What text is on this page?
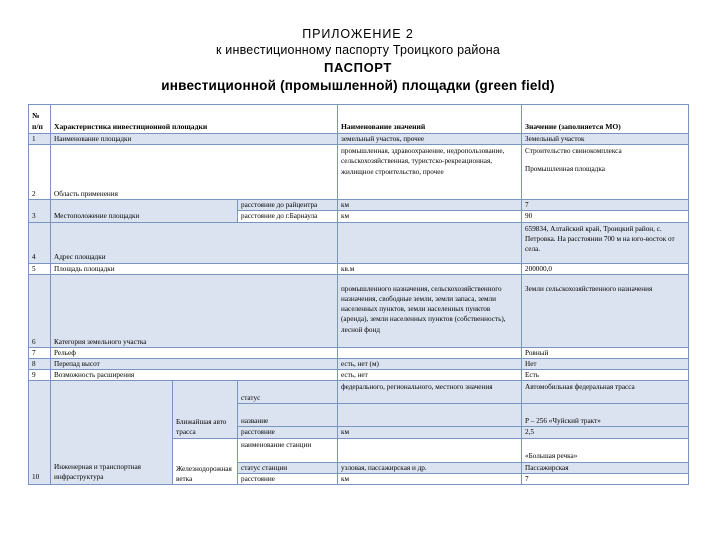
ПРИЛОЖЕНИЕ 2
к инвестиционному паспорту Троицкого района
ПАСПОРТ
инвестиционной (промышленной) площадки (green field)
№
п/п	Характеристика инвестиционной площадки			Наименование значений	Значение (заполняется МО)
1	Наименование площадки			земельный участок, прочее	Земельный участок
2	Область применения			промышленная, здравоохранение, недропользование, сельскохозяйственная, туристско-рекреационная, жилищное строительство, прочее	Строительство свинокомплекса
Промышленная площадка

3	Местоположение площадки		расстояние до райцентра	км	7
			расстояние до г.Барнаула	км	90
4	Адрес площадки				659834, Алтайский край, Троицкий район, с. Петровка. На расстоянии 700 м на юго-восток от села.
5	Площадь площадки			кв.м	200000,0
6	Категория земельного участка			промышленного назначения, сельскохозяйственного назначения, свободные земли, земли запаса, земли населенных пунктов, земли населенных пунктов (аренда), земли населенных пунктов (собственность), лесной фонд	Земли сельскохозяйственного назначения
7	Рельеф				Ровный
8	Перепад высот			есть, нет (м)	Нет
9	Возможность расширения			есть, нет	Есть
10	Инженерная и транспортная инфраструктура	Ближайшая авто трасса	статус	федерального, регионального, местного значения	Автомобильная федеральная трасса
			название		Р – 256 «Чуйский тракт»
			расстояние	км	2,5
		Железнодорожная ветка	наименование станции		«Большая речка»
			статус станции	узловая, пассажирская и др.	Пассажирская
			расстояние	км	7
